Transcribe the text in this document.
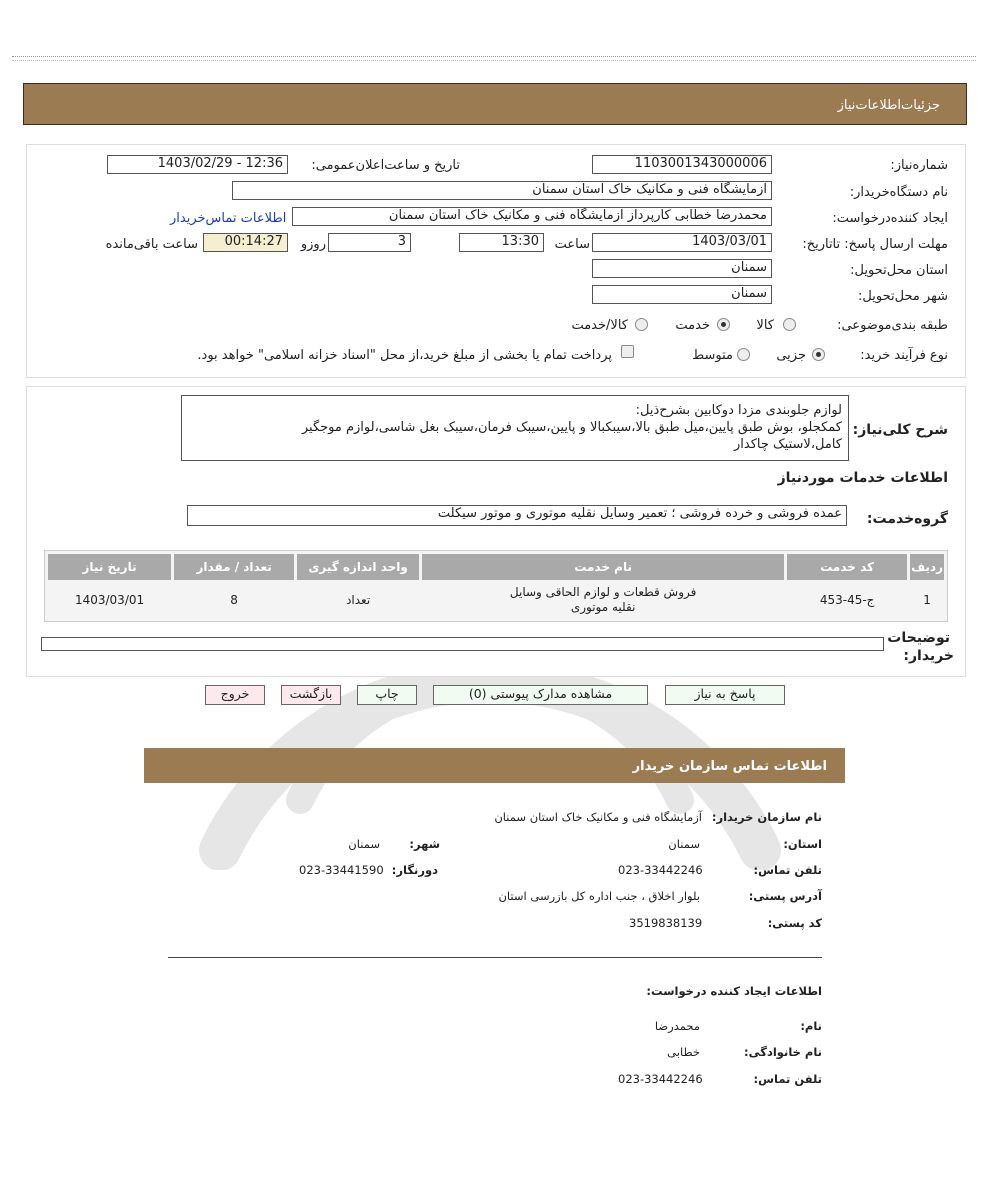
جزئیات‌اطلاعات‌نیاز
شماره‌نیاز:
1103001343000006
تاریخ و ساعت‌اعلان‌عمومی:
1403/02/29 - 12:36
نام دستگاه‌خریدار:
آزمایشگاه فنی و مکانیک خاک استان سمنان
ایجاد کننده‌درخواست:
محمدرضا خطابی کارپرداز آزمایشگاه فنی و مکانیک خاک استان سمنان
اطلاعات تماس‌خریدار
مهلت ارسال پاسخ: تاتاریخ:
1403/03/01
ساعت
13:30
3
روزو
00:14:27
ساعت باقی‌مانده
استان محل‌تحویل:
سمنان
شهر محل‌تحویل:
سمنان
طبقه بندی‌موضوعی:
کالا
خدمت
کالا/خدمت
نوع فرآیند خرید:
جزیی
متوسط
پرداخت تمام یا بخشی از مبلغ خرید،از محل "اسناد خزانه اسلامی" خواهد بود.
شرح کلی‌نیاز:
لوازم جلوبندی مزدا دوکابین بشرح‌ذیل:
کمکجلو، بوش طبق پایین،میل طبق بالا،سیبکبالا و پایین،سیبک فرمان،سیبک بغل شاسی،لوازم موجگیر
کامل،لاستیک چاکدار
اطلاعات خدمات مورد‌نیاز
گروه‌خدمت:
عمده فروشی و خرده فروشی ؛ تعمیر وسایل نقلیه موتوری و موتور سیکلت
ردیف	کد خدمت	نام خدمت	واحد اندازه گیری	تعداد / مقدار	تاریخ نیاز
1	ج-45-453	فروش قطعات و لوازم الحاقی وسایل
نقلیه موتوری	تعداد	8	1403/03/01
توضیحات
خریدار:
پاسخ به نیاز
مشاهده مدارک پیوستی (0)
چاپ
بازگشت
خروج
اطلاعات تماس سازمان خریدار
نام سازمان خریدار:
آزمایشگاه فنی و مکانیک خاک استان سمنان
استان:
سمنان
شهر:
سمنان
تلفن تماس:
023-33442246
دورنگار:
023-33441590
آدرس پستی:
بلوار اخلاق ، جنب اداره کل بازرسی استان
کد پستی:
3519838139
اطلاعات ایجاد کننده درخواست:
نام:
محمدرضا
نام خانوادگی:
خطابی
تلفن تماس:
023-33442246
